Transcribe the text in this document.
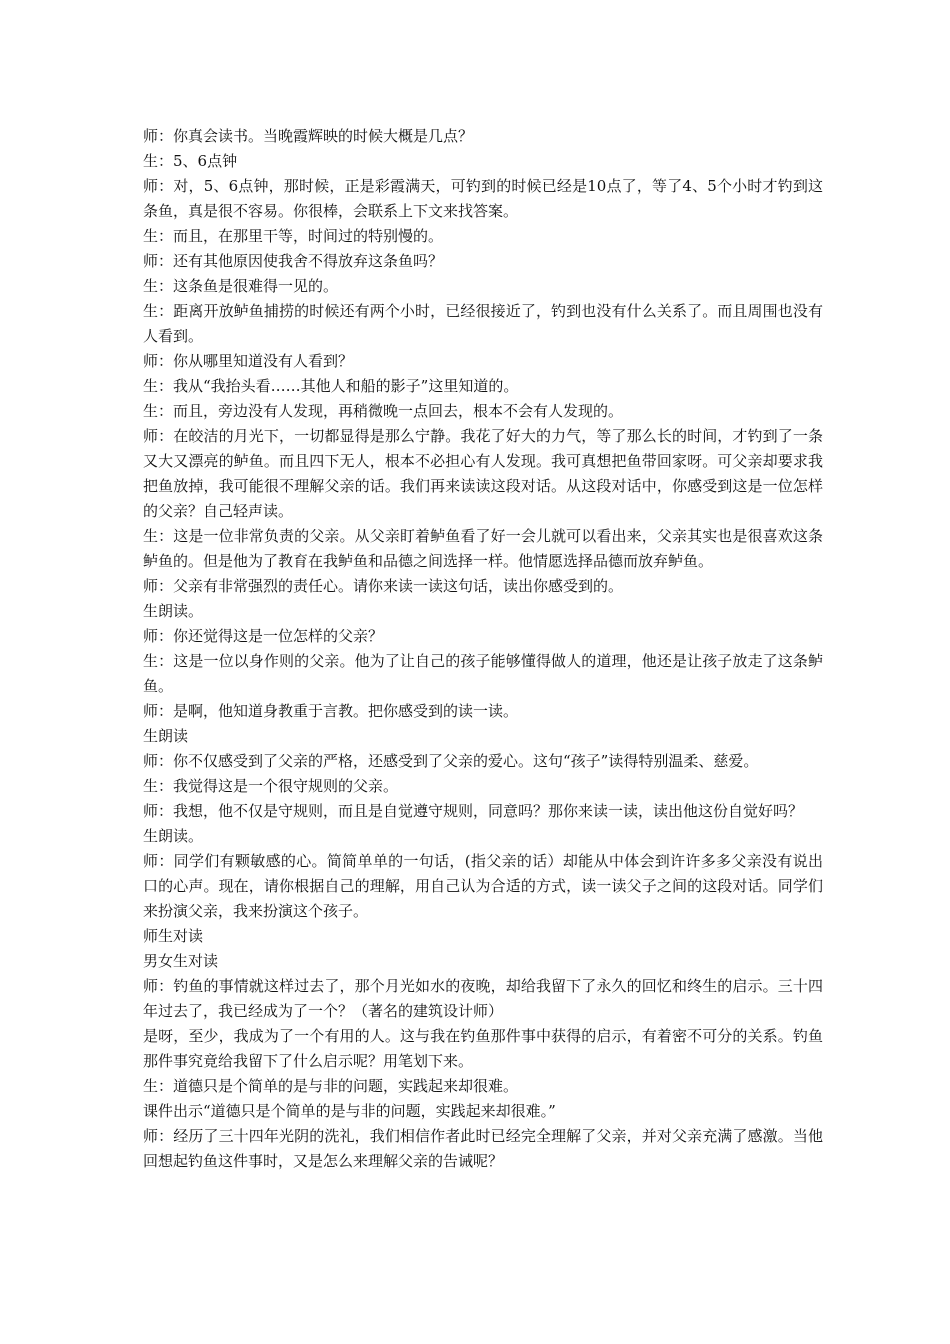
师：你真会读书。当晚霞辉映的时候大概是几点？

生：5、6点钟

师：对，5、6点钟，那时候，正是彩霞满天，可钓到的时候已经是10点了，等了4、5个小时才钓到这条鱼，真是很不容易。你很棒，会联系上下文来找答案。

生：而且，在那里干等，时间过的特别慢的。

师：还有其他原因使我舍不得放弃这条鱼吗？

生：这条鱼是很难得一见的。

生：距离开放鲈鱼捕捞的时候还有两个小时，已经很接近了，钓到也没有什么关系了。而且周围也没有人看到。

师：你从哪里知道没有人看到？

生：我从“我抬头看……其他人和船的影子”这里知道的。

生：而且，旁边没有人发现，再稍微晚一点回去，根本不会有人发现的。

师：在皎洁的月光下，一切都显得是那么宁静。我花了好大的力气，等了那么长的时间，才钓到了一条又大又漂亮的鲈鱼。而且四下无人，根本不必担心有人发现。我可真想把鱼带回家呀。可父亲却要求我把鱼放掉，我可能很不理解父亲的话。我们再来读读这段对话。从这段对话中，你感受到这是一位怎样的父亲？自己轻声读。

生：这是一位非常负责的父亲。从父亲盯着鲈鱼看了好一会儿就可以看出来，父亲其实也是很喜欢这条鲈鱼的。但是他为了教育在我鲈鱼和品德之间选择一样。他情愿选择品德而放弃鲈鱼。

师：父亲有非常强烈的责任心。请你来读一读这句话，读出你感受到的。

生朗读。

师：你还觉得这是一位怎样的父亲？

生：这是一位以身作则的父亲。他为了让自己的孩子能够懂得做人的道理，他还是让孩子放走了这条鲈鱼。

师：是啊，他知道身教重于言教。把你感受到的读一读。

生朗读

师：你不仅感受到了父亲的严格，还感受到了父亲的爱心。这句“孩子”读得特别温柔、慈爱。

生：我觉得这是一个很守规则的父亲。

师：我想，他不仅是守规则，而且是自觉遵守规则，同意吗？那你来读一读，读出他这份自觉好吗？

生朗读。

师：同学们有颗敏感的心。简简单单的一句话，(指父亲的话）却能从中体会到许许多多父亲没有说出口的心声。现在，请你根据自己的理解，用自己认为合适的方式，读一读父子之间的这段对话。同学们来扮演父亲，我来扮演这个孩子。

师生对读

男女生对读

师：钓鱼的事情就这样过去了，那个月光如水的夜晚，却给我留下了永久的回忆和终生的启示。三十四年过去了，我已经成为了一个？（著名的建筑设计师）

是呀，至少，我成为了一个有用的人。这与我在钓鱼那件事中获得的启示，有着密不可分的关系。钓鱼那件事究竟给我留下了什么启示呢？用笔划下来。

生：道德只是个简单的是与非的问题，实践起来却很难。

课件出示“道德只是个简单的是与非的问题，实践起来却很难。”

师：经历了三十四年光阴的洗礼，我们相信作者此时已经完全理解了父亲，并对父亲充满了感激。当他回想起钓鱼这件事时，又是怎么来理解父亲的告诫呢？
